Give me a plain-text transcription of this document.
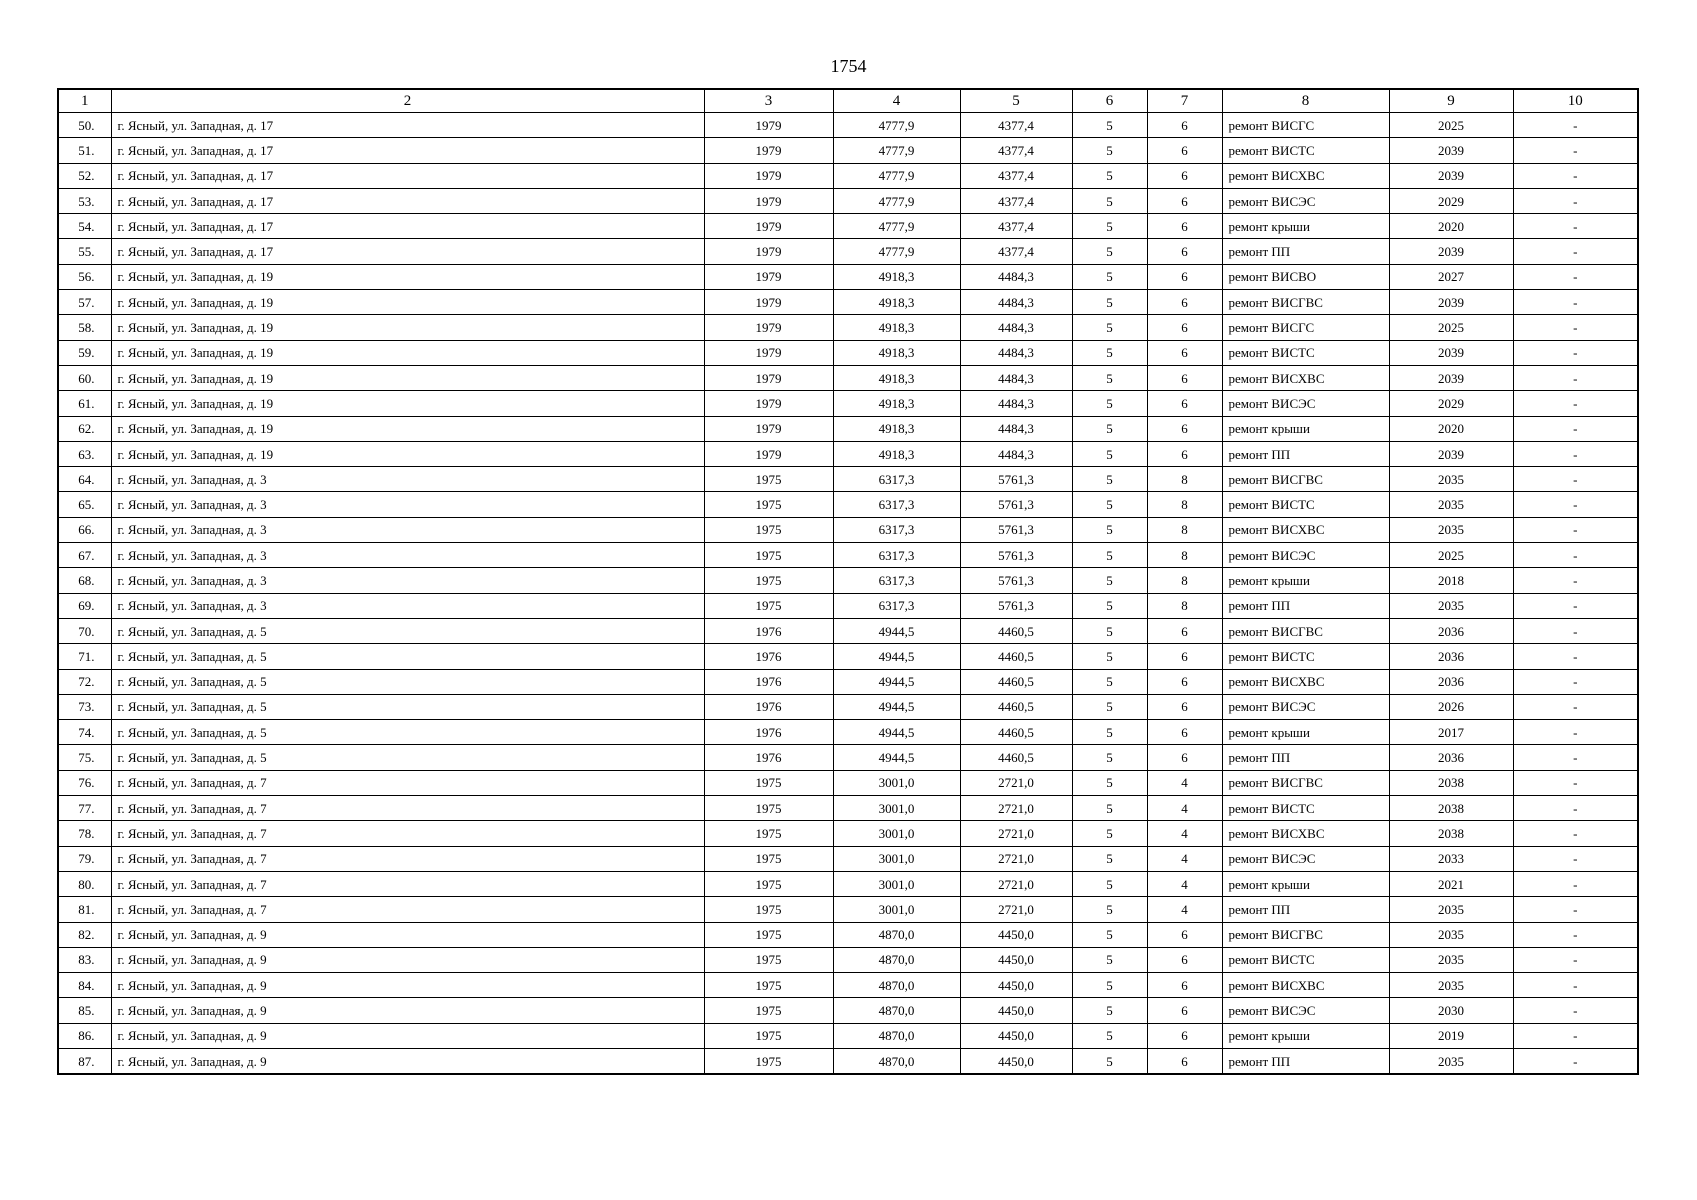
1754
1	2	3	4	5	6	7	8	9	10
50.	г. Ясный, ул. Западная, д. 17	1979	4777,9	4377,4	5	6	ремонт ВИСГС	2025	-
51.	г. Ясный, ул. Западная, д. 17	1979	4777,9	4377,4	5	6	ремонт ВИСТС	2039	-
52.	г. Ясный, ул. Западная, д. 17	1979	4777,9	4377,4	5	6	ремонт ВИСХВС	2039	-
53.	г. Ясный, ул. Западная, д. 17	1979	4777,9	4377,4	5	6	ремонт ВИСЭС	2029	-
54.	г. Ясный, ул. Западная, д. 17	1979	4777,9	4377,4	5	6	ремонт крыши	2020	-
55.	г. Ясный, ул. Западная, д. 17	1979	4777,9	4377,4	5	6	ремонт ПП	2039	-
56.	г. Ясный, ул. Западная, д. 19	1979	4918,3	4484,3	5	6	ремонт ВИСВО	2027	-
57.	г. Ясный, ул. Западная, д. 19	1979	4918,3	4484,3	5	6	ремонт ВИСГВС	2039	-
58.	г. Ясный, ул. Западная, д. 19	1979	4918,3	4484,3	5	6	ремонт ВИСГС	2025	-
59.	г. Ясный, ул. Западная, д. 19	1979	4918,3	4484,3	5	6	ремонт ВИСТС	2039	-
60.	г. Ясный, ул. Западная, д. 19	1979	4918,3	4484,3	5	6	ремонт ВИСХВС	2039	-
61.	г. Ясный, ул. Западная, д. 19	1979	4918,3	4484,3	5	6	ремонт ВИСЭС	2029	-
62.	г. Ясный, ул. Западная, д. 19	1979	4918,3	4484,3	5	6	ремонт крыши	2020	-
63.	г. Ясный, ул. Западная, д. 19	1979	4918,3	4484,3	5	6	ремонт ПП	2039	-
64.	г. Ясный, ул. Западная, д. 3	1975	6317,3	5761,3	5	8	ремонт ВИСГВС	2035	-
65.	г. Ясный, ул. Западная, д. 3	1975	6317,3	5761,3	5	8	ремонт ВИСТС	2035	-
66.	г. Ясный, ул. Западная, д. 3	1975	6317,3	5761,3	5	8	ремонт ВИСХВС	2035	-
67.	г. Ясный, ул. Западная, д. 3	1975	6317,3	5761,3	5	8	ремонт ВИСЭС	2025	-
68.	г. Ясный, ул. Западная, д. 3	1975	6317,3	5761,3	5	8	ремонт крыши	2018	-
69.	г. Ясный, ул. Западная, д. 3	1975	6317,3	5761,3	5	8	ремонт ПП	2035	-
70.	г. Ясный, ул. Западная, д. 5	1976	4944,5	4460,5	5	6	ремонт ВИСГВС	2036	-
71.	г. Ясный, ул. Западная, д. 5	1976	4944,5	4460,5	5	6	ремонт ВИСТС	2036	-
72.	г. Ясный, ул. Западная, д. 5	1976	4944,5	4460,5	5	6	ремонт ВИСХВС	2036	-
73.	г. Ясный, ул. Западная, д. 5	1976	4944,5	4460,5	5	6	ремонт ВИСЭС	2026	-
74.	г. Ясный, ул. Западная, д. 5	1976	4944,5	4460,5	5	6	ремонт крыши	2017	-
75.	г. Ясный, ул. Западная, д. 5	1976	4944,5	4460,5	5	6	ремонт ПП	2036	-
76.	г. Ясный, ул. Западная, д. 7	1975	3001,0	2721,0	5	4	ремонт ВИСГВС	2038	-
77.	г. Ясный, ул. Западная, д. 7	1975	3001,0	2721,0	5	4	ремонт ВИСТС	2038	-
78.	г. Ясный, ул. Западная, д. 7	1975	3001,0	2721,0	5	4	ремонт ВИСХВС	2038	-
79.	г. Ясный, ул. Западная, д. 7	1975	3001,0	2721,0	5	4	ремонт ВИСЭС	2033	-
80.	г. Ясный, ул. Западная, д. 7	1975	3001,0	2721,0	5	4	ремонт крыши	2021	-
81.	г. Ясный, ул. Западная, д. 7	1975	3001,0	2721,0	5	4	ремонт ПП	2035	-
82.	г. Ясный, ул. Западная, д. 9	1975	4870,0	4450,0	5	6	ремонт ВИСГВС	2035	-
83.	г. Ясный, ул. Западная, д. 9	1975	4870,0	4450,0	5	6	ремонт ВИСТС	2035	-
84.	г. Ясный, ул. Западная, д. 9	1975	4870,0	4450,0	5	6	ремонт ВИСХВС	2035	-
85.	г. Ясный, ул. Западная, д. 9	1975	4870,0	4450,0	5	6	ремонт ВИСЭС	2030	-
86.	г. Ясный, ул. Западная, д. 9	1975	4870,0	4450,0	5	6	ремонт крыши	2019	-
87.	г. Ясный, ул. Западная, д. 9	1975	4870,0	4450,0	5	6	ремонт ПП	2035	-
